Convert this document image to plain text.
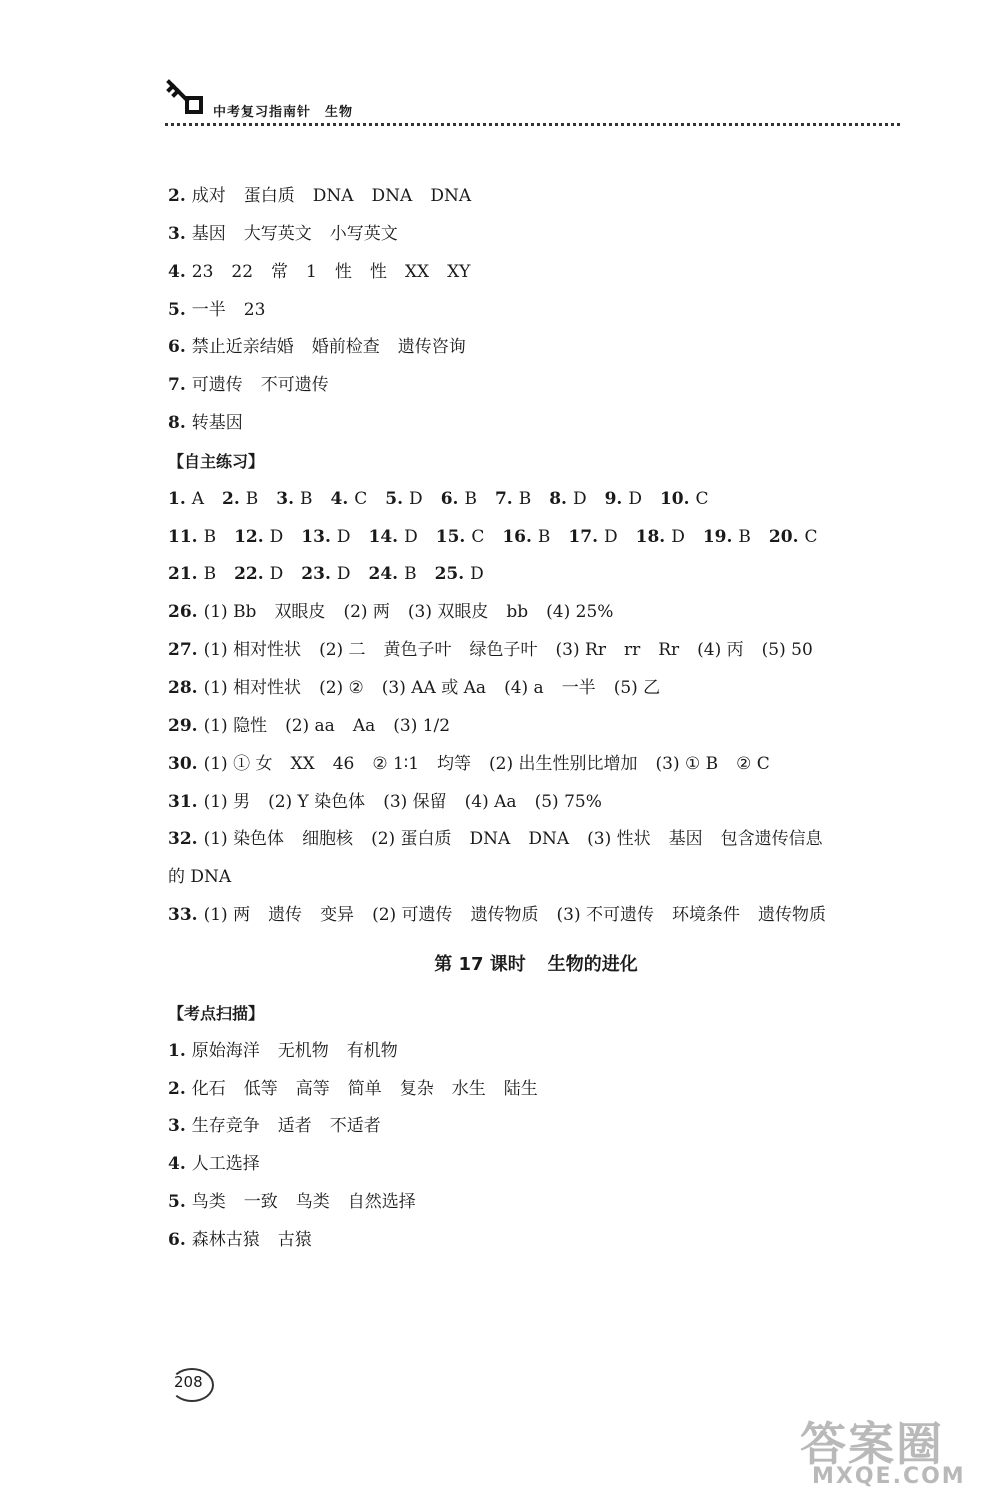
中考复习指南针 生物
2. 成对 蛋白质 DNA DNA DNA
3. 基因 大写英文 小写英文
4. 23 22 常 1 性 性 XX XY
5. 一半 23
6. 禁止近亲结婚 婚前检查 遗传咨询
7. 可遗传 不可遗传
8. 转基因
【自主练习】
1. A 2. B 3. B 4. C 5. D 6. B 7. B 8. D 9. D 10. C
11. B 12. D 13. D 14. D 15. C 16. B 17. D 18. D 19. B 20. C
21. B 22. D 23. D 24. B 25. D
26. (1) Bb 双眼皮 (2) 两 (3) 双眼皮 bb (4) 25%
27. (1) 相对性状 (2) 二 黄色子叶 绿色子叶 (3) Rr rr Rr (4) 丙 (5) 50
28. (1) 相对性状 (2) ② (3) AA 或 Aa (4) a 一半 (5) 乙
29. (1) 隐性 (2) aa Aa (3) 1/2
30. (1) ① 女 XX 46 ② 1∶1 均等 (2) 出生性别比增加 (3) ① B ② C
31. (1) 男 (2) Y 染色体 (3) 保留 (4) Aa (5) 75%
32. (1) 染色体 细胞核 (2) 蛋白质 DNA DNA (3) 性状 基因 包含遗传信息
的 DNA
33. (1) 两 遗传 变异 (2) 可遗传 遗传物质 (3) 不可遗传 环境条件 遗传物质
第 17 课时 生物的进化
【考点扫描】
1. 原始海洋 无机物 有机物
2. 化石 低等 高等 简单 复杂 水生 陆生
3. 生存竞争 适者 不适者
4. 人工选择
5. 鸟类 一致 鸟类 自然选择
6. 森林古猿 古猿
208
答案圈
MXQE.COM
